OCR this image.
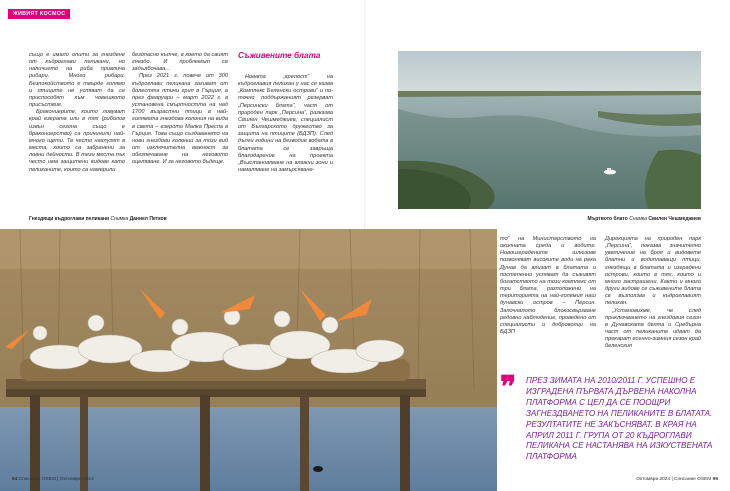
ЖИВИЯТ КОСМОС

също е имало опити за гнездене от къдроглави пеликани, но наличието на риба привлича рибари. Много рибари. Безпокойството е твърде голямо и птиците не успяват да се приспособят към човешкото присъствие.

Бракониерите, които ловуват край езерата или в тях (риболов извън сезона също е бракониерство) са причинили най-много щети. Те често нахлузят в места, които са забранени за ловни дейности. В тези места пък често има защитени видове като пеликаните, които са намерили

безопасно кътче, в което да свият гнездо. И проблемът се задълбочава…

През 2021 г. повече от 300 къдроглави пеликана загиват от болестта птичи грип в Гърция, а през февруари – март 2022 г. в установена смъртността на над 1700 възрастни птици в най-голямата гнездова колония на вида в света – езерото Малка Преспа в Гърция. Това също създаването на нови гнездови колонии за този вид от изключителна важност за обезпечаване на неговото оцеляване. И за неговото бъдеще.

Съживените блата

Новата „крепост“ на къдроглавия пеликан у нас се казва „Комплекс Беленски острови“ и по-точно поддържаният резерват „Персински блата“, част от природен парк „Персина“, разказва Свилен Чешмеджиев, специалист от Българското дружество за защита на птиците (БДЗП). След дълги години на безводие водата в блатата се завръща благодарение на проекта „Възстановяване на влажни зони и намаляване на замърсяване-

Гнездящи къдроглави пеликани Снимка Даниел Петков	Мъртвото блато Снимка Свилен Чешмеджиев

то“ на Министерството на околната среда и водите. Новоизградените шлюзове позволяват високите води на река Дунав да влизат в блатата и постепенно успяват да съживят богатството на този комплекс от три блата, разположени на територията на най-големия наш дунавски остров – Персин. Започналото блокосвързване редовно наблюдение, проведено от специалисти и доброволци на БДЗП

Дирекцията на природен парк „Персина“, показва значително увеличение на броя и видовете блатни и водоплаващи птици, гнездящи в блатата и изградени острови, които в тях, които и много застрашени. Както и много други видове се съживените блата се възползва и къдроглавият пеликан.

„Установихме, че след приключването на гнездовия сезон в Дунавската делта и Сребърна част от пеликаните идват да прекарат есенно-зимния сезон край беленския

❞ ПРЕЗ ЗИМАТА НА 2010/2011 Г. УСПЕШНО Е ИЗГРАДЕНА ПЪРВАТА ДЪРВЕНА НАКОЛНА ПЛАТФОРМА С ЦЕЛ ДА СЕ ПООЩРИ ЗАГНЕЗДВАНЕТО НА ПЕЛИКАНИТЕ В БЛАТАТА. РЕЗУЛТАТИТЕ НЕ ЗАКЪСНЯВАТ. В КРАЯ НА АПРИЛ 2011 Г. ГРУПА ОТ 20 КЪДРОГЛАВИ ПЕЛИКАНА СЕ НАСТАНЯВА НА ИЗКУСТВЕНАТА ПЛАТФОРМА
94 Списание OSEM | Октомври 2024	Октомври 2024 | Списание OSEM 95
